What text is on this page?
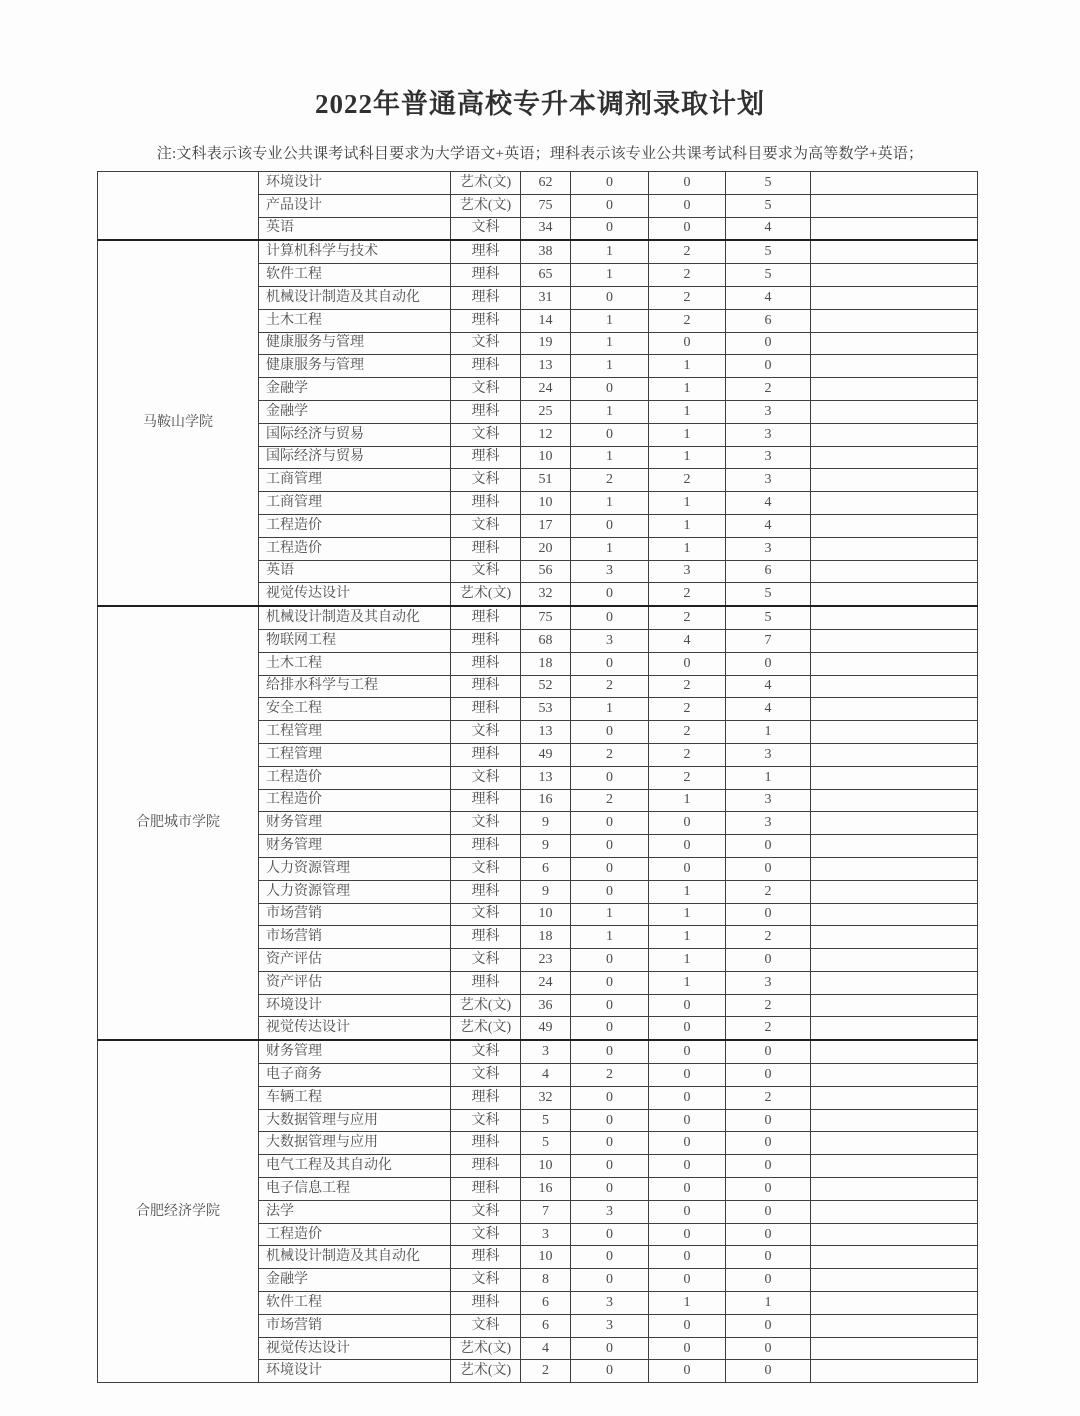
2022年普通高校专升本调剂录取计划

注:文科表示该专业公共课考试科目要求为大学语文+英语；理科表示该专业公共课考试科目要求为高等数学+英语；

	环境设计	艺术(文)	62	0	0	5	
	产品设计	艺术(文)	75	0	0	5	
	英语	文科	34	0	0	4	
马鞍山学院	计算机科学与技术	理科	38	1	2	5	
	软件工程	理科	65	1	2	5	
	机械设计制造及其自动化	理科	31	0	2	4	
	土木工程	理科	14	1	2	6	
	健康服务与管理	文科	19	1	0	0	
	健康服务与管理	理科	13	1	1	0	
	金融学	文科	24	0	1	2	
	金融学	理科	25	1	1	3	
	国际经济与贸易	文科	12	0	1	3	
	国际经济与贸易	理科	10	1	1	3	
	工商管理	文科	51	2	2	3	
	工商管理	理科	10	1	1	4	
	工程造价	文科	17	0	1	4	
	工程造价	理科	20	1	1	3	
	英语	文科	56	3	3	6	
	视觉传达设计	艺术(文)	32	0	2	5	
合肥城市学院	机械设计制造及其自动化	理科	75	0	2	5	
	物联网工程	理科	68	3	4	7	
	土木工程	理科	18	0	0	0	
	给排水科学与工程	理科	52	2	2	4	
	安全工程	理科	53	1	2	4	
	工程管理	文科	13	0	2	1	
	工程管理	理科	49	2	2	3	
	工程造价	文科	13	0	2	1	
	工程造价	理科	16	2	1	3	
	财务管理	文科	9	0	0	3	
	财务管理	理科	9	0	0	0	
	人力资源管理	文科	6	0	0	0	
	人力资源管理	理科	9	0	1	2	
	市场营销	文科	10	1	1	0	
	市场营销	理科	18	1	1	2	
	资产评估	文科	23	0	1	0	
	资产评估	理科	24	0	1	3	
	环境设计	艺术(文)	36	0	0	2	
	视觉传达设计	艺术(文)	49	0	0	2	
合肥经济学院	财务管理	文科	3	0	0	0	
	电子商务	文科	4	2	0	0	
	车辆工程	理科	32	0	0	2	
	大数据管理与应用	文科	5	0	0	0	
	大数据管理与应用	理科	5	0	0	0	
	电气工程及其自动化	理科	10	0	0	0	
	电子信息工程	理科	16	0	0	0	
	法学	文科	7	3	0	0	
	工程造价	文科	3	0	0	0	
	机械设计制造及其自动化	理科	10	0	0	0	
	金融学	文科	8	0	0	0	
	软件工程	理科	6	3	1	1	
	市场营销	文科	6	3	0	0	
	视觉传达设计	艺术(文)	4	0	0	0	
	环境设计	艺术(文)	2	0	0	0	
